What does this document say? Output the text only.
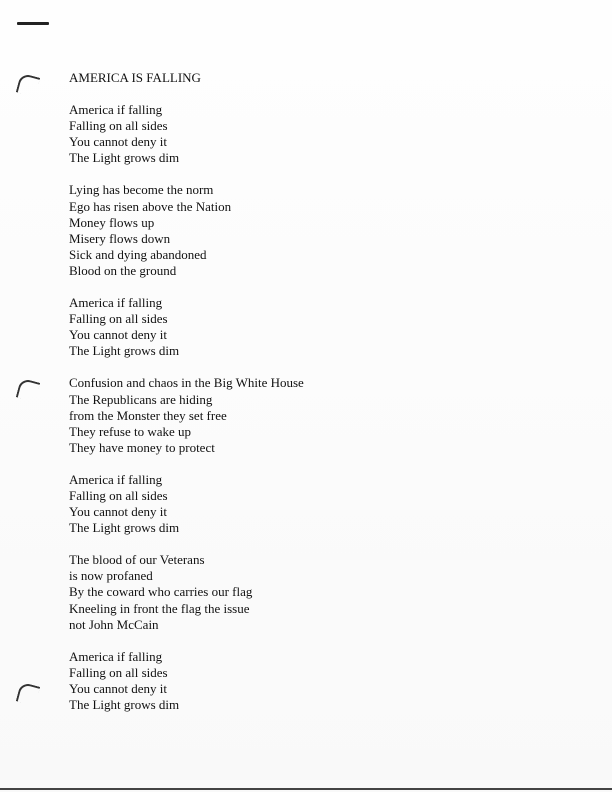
AMERICA IS FALLING
America if falling
Falling on all sides
You cannot deny it
The Light grows dim
Lying has become the norm
Ego has risen above the Nation
Money flows up
Misery flows down
Sick and dying abandoned
Blood on the ground
America if falling
Falling on all sides
You cannot deny it
The Light grows dim
Confusion and chaos in the Big White House
The Republicans are hiding
from the Monster they set free
They refuse to wake up
They have money to protect
America if falling
Falling on all sides
You cannot deny it
The Light grows dim
The blood of our Veterans
is now profaned
By the coward who carries our flag
Kneeling in front the flag the issue
not John McCain
America if falling
Falling on all sides
You cannot deny it
The Light grows dim
